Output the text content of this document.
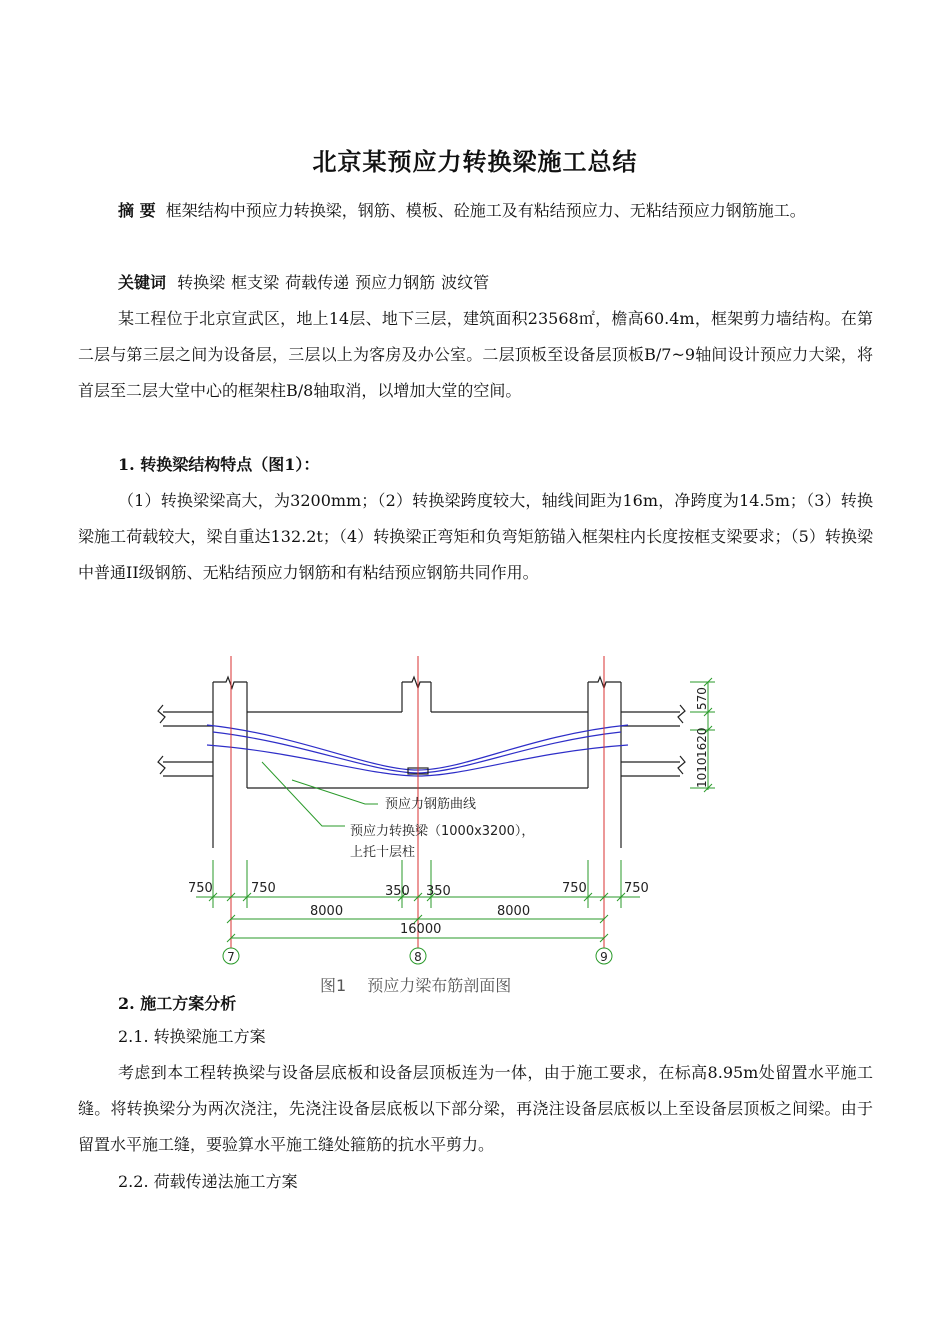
北京某预应力转换梁施工总结
摘 要 框架结构中预应力转换梁，钢筋、模板、砼施工及有粘结预应力、无粘结预应力钢筋施工。
关键词 转换梁 框支梁 荷载传递 预应力钢筋 波纹管
某工程位于北京宣武区，地上14层、地下三层，建筑面积23568㎡，檐高60.4m，框架剪力墙结构。在第二层与第三层之间为设备层，三层以上为客房及办公室。二层顶板至设备层顶板B/7~9轴间设计预应力大梁，将首层至二层大堂中心的框架柱B/8轴取消，以增加大堂的空间。
1. 转换梁结构特点（图1）：
（1）转换梁梁高大，为3200mm；（2）转换梁跨度较大，轴线间距为16m，净跨度为14.5m；（3）转换梁施工荷载较大，梁自重达132.2t；（4）转换梁正弯矩和负弯矩筋锚入框架柱内长度按框支梁要求；（5）转换梁中普通II级钢筋、无粘结预应力钢筋和有粘结预应钢筋共同作用。
570
1620
1010
750	750	350 350	750	750
8000	8000
16000
7	8	9
预应力钢筋曲线
预应力转换梁（1000x3200），
上托十层柱
图1　 预应力梁布筋剖面图
2. 施工方案分析
2.1. 转换梁施工方案
考虑到本工程转换梁与设备层底板和设备层顶板连为一体，由于施工要求，在标高8.95m处留置水平施工缝。将转换梁分为两次浇注，先浇注设备层底板以下部分梁，再浇注设备层底板以上至设备层顶板之间梁。由于留置水平施工缝，要验算水平施工缝处箍筋的抗水平剪力。
2.2. 荷载传递法施工方案
